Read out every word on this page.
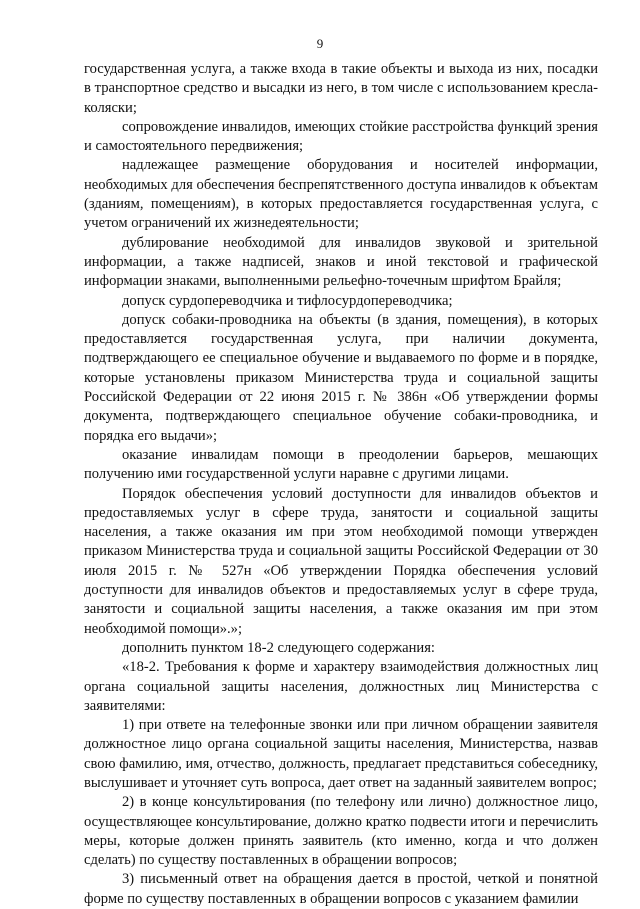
9

государственная услуга, а также входа в такие объекты и выхода из них, посадки в транспортное средство и высадки из него, в том числе с использованием кресла-коляски;

сопровождение инвалидов, имеющих стойкие расстройства функций зрения и самостоятельного передвижения;

надлежащее размещение оборудования и носителей информации, необходимых для обеспечения беспрепятственного доступа инвалидов к объектам (зданиям, помещениям), в которых предоставляется государственная услуга, с учетом ограничений их жизнедеятельности;

дублирование необходимой для инвалидов звуковой и зрительной информации, а также надписей, знаков и иной текстовой и графической информации знаками, выполненными рельефно-точечным шрифтом Брайля;

допуск сурдопереводчика и тифлосурдопереводчика;

допуск собаки-проводника на объекты (в здания, помещения), в которых предоставляется государственная услуга, при наличии документа, подтверждающего ее специальное обучение и выдаваемого по форме и в порядке, которые установлены приказом Министерства труда и социальной защиты Российской Федерации от 22 июня 2015 г. № 386н «Об утверждении формы документа, подтверждающего специальное обучение собаки-проводника, и порядка его выдачи»;

оказание инвалидам помощи в преодолении барьеров, мешающих получению ими государственной услуги наравне с другими лицами.

Порядок обеспечения условий доступности для инвалидов объектов и предоставляемых услуг в сфере труда, занятости и социальной защиты населения, а также оказания им при этом необходимой помощи утвержден приказом Министерства труда и социальной защиты Российской Федерации от 30 июля 2015 г. № 527н «Об утверждении Порядка обеспечения условий доступности для инвалидов объектов и предоставляемых услуг в сфере труда, занятости и социальной защиты населения, а также оказания им при этом необходимой помощи».»;

дополнить пунктом 18-2 следующего содержания:

«18-2. Требования к форме и характеру взаимодействия должностных лиц органа социальной защиты населения, должностных лиц Министерства с заявителями:

1) при ответе на телефонные звонки или при личном обращении заявителя должностное лицо органа социальной защиты населения, Министерства, назвав свою фамилию, имя, отчество, должность, предлагает представиться собеседнику, выслушивает и уточняет суть вопроса, дает ответ на заданный заявителем вопрос;

2) в конце консультирования (по телефону или лично) должностное лицо, осуществляющее консультирование, должно кратко подвести итоги и перечислить меры, которые должен принять заявитель (кто именно, когда и что должен сделать) по существу поставленных в обращении вопросов;

3) письменный ответ на обращения дается в простой, четкой и понятной форме по существу поставленных в обращении вопросов с указанием фамилии
